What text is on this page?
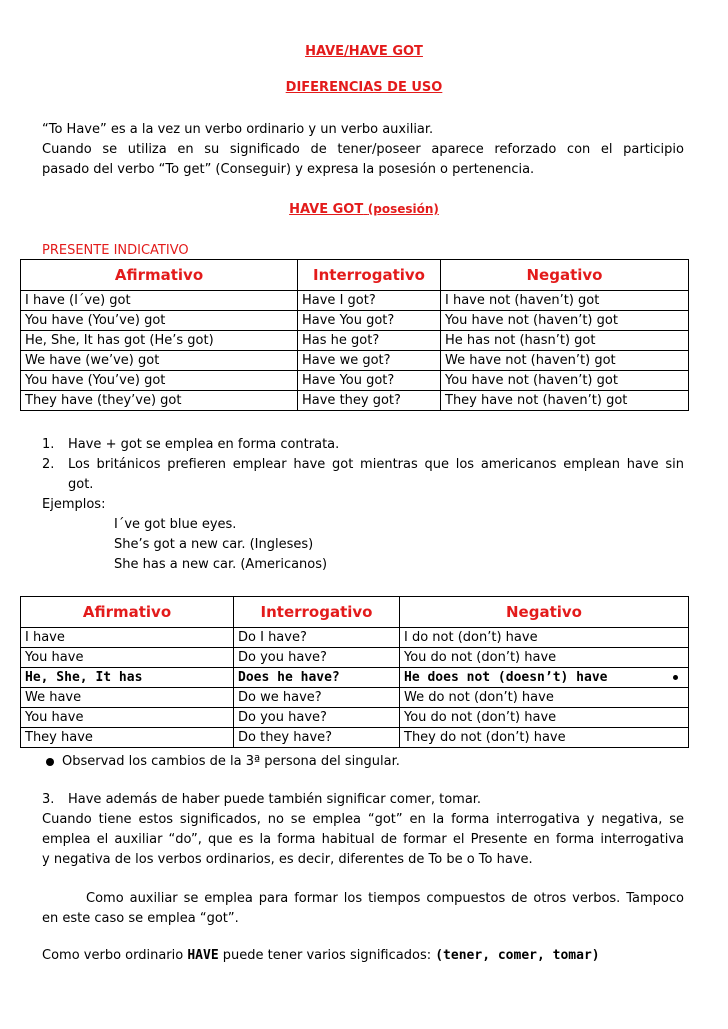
HAVE/HAVE GOT
DIFERENCIAS DE USO
“To Have” es a la vez un verbo ordinario y un verbo auxiliar.
Cuando se utiliza en su significado de tener/poseer aparece reforzado con el participio
pasado del verbo “To get” (Conseguir) y expresa la posesión o pertenencia.
HAVE GOT (posesión)
PRESENTE INDICATIVO
Afirmativo	Interrogativo	Negativo
I have (I´ve) got	Have I got?	I have not (haven’t) got
You have (You’ve) got	Have You got?	You have not (haven’t) got
He, She, It has got (He’s got)	Has he got?	He has not (hasn’t) got
We have (we’ve) got	Have we got?	We have not (haven’t) got
You have (You’ve) got	Have You got?	You have not (haven’t) got
They have (they’ve) got	Have they got?	They have not (haven’t) got
1. Have + got se emplea en forma contrata.
2.	Los británicos prefieren emplear have got mientras que los americanos emplean have sin
got.
Ejemplos:
I´ve got blue eyes.
She’s got a new car. (Ingleses)
She has a new car. (Americanos)
Afirmativo	Interrogativo	Negativo
I have	Do I have?	I do not (don’t) have
You have	Do you have?	You do not (don’t) have
He, She, It has	Does he have?	He does not (doesn’t) have

We have	Do we have?	We do not (don’t) have
You have	Do you have?	You do not (don’t) have
They have	Do they have?	They do not (don’t) have
Observad los cambios de la 3ª persona del singular.
3. Have además de haber puede también significar comer, tomar.
Cuando tiene estos significados, no se emplea “got” en la forma interrogativa y negativa, se
emplea el auxiliar “do”, que es la forma habitual de formar el Presente en forma interrogativa
y negativa de los verbos ordinarios, es decir, diferentes de To be o To have.
Como auxiliar se emplea para formar los tiempos compuestos de otros verbos. Tampoco
en este caso se emplea “got”.
Como verbo ordinario HAVE puede tener varios significados: (tener, comer, tomar)
